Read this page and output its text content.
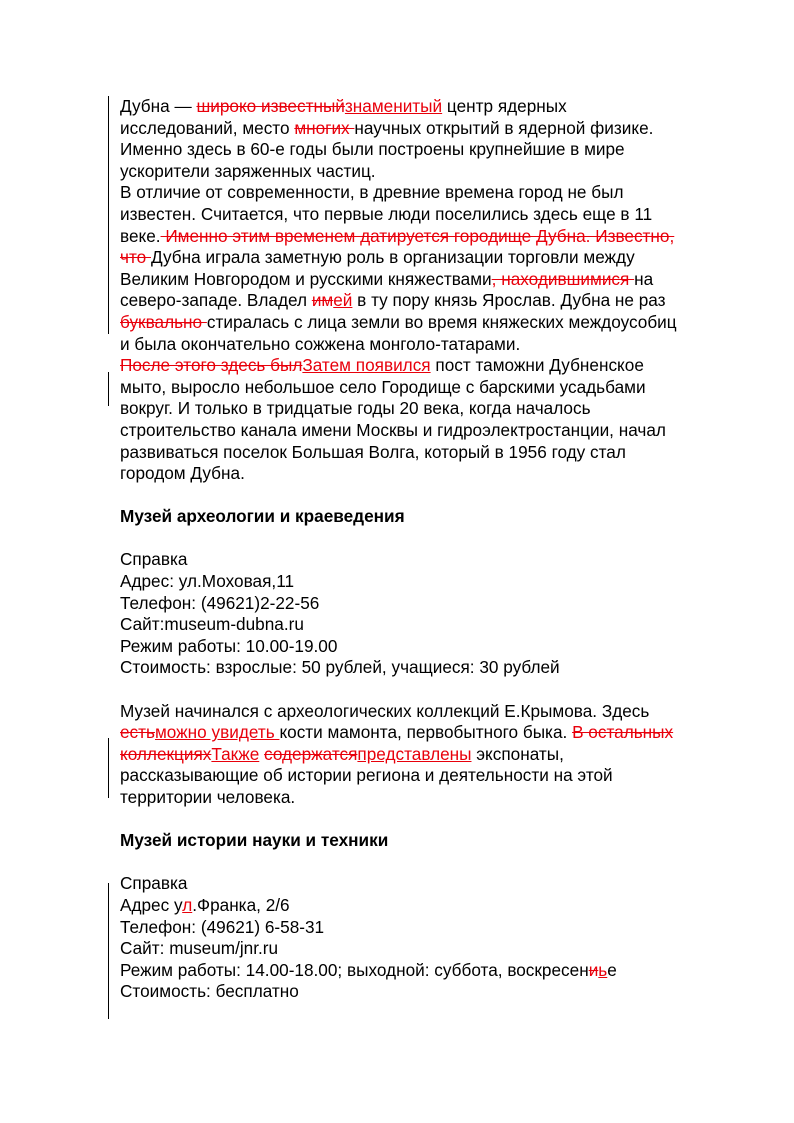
Дубна — широко известныйзнаменитый центр ядерных исследований, место многих научных открытий в ядерной физике. Именно здесь в 60-е годы были построены крупнейшие в мире ускорители заряженных частиц.

В отличие от современности, в древние времена город не был известен. Считается, что первые люди поселились здесь еще в 11 веке. Именно этим временем датируется городище Дубна. Известно, что Дубна играла заметную роль в организации торговли между Великим Новгородом и русскими княжествами, находившимися на северо-западе. Владел имей в ту пору князь Ярослав. Дубна не раз буквально стиралась с лица земли во время княжеских междоусобиц и была окончательно сожжена монголо-татарами.

После этого здесь былЗатем появился пост таможни Дубненское мыто, выросло небольшое село Городище с барскими усадьбами вокруг. И только в тридцатые годы 20 века, когда началось строительство канала имени Москвы и гидроэлектростанции, начал развиваться поселок Большая Волга, который в 1956 году стал городом Дубна.

Музей археологии и краеведения

Справка

Адрес: ул.Моховая,11

Телефон: (49621)2-22-56

Сайт:museum-dubna.ru

Режим работы: 10.00-19.00

Стоимость: взрослые: 50 рублей, учащиеся: 30 рублей

Музей начинался с археологических коллекций Е.Крымова. Здесь естьможно увидеть кости мамонта, первобытного быка. В остальных коллекцияхТакже содержатсяпредставлены экспонаты, рассказывающие об истории региона и деятельности на этой территории человека.

Музей истории науки и техники

Справка

Адрес ул.Франка, 2/6

Телефон: (49621) 6-58-31

Сайт: museum/jnr.ru

Режим работы: 14.00-18.00; выходной: суббота, воскресениье

Стоимость: бесплатно
